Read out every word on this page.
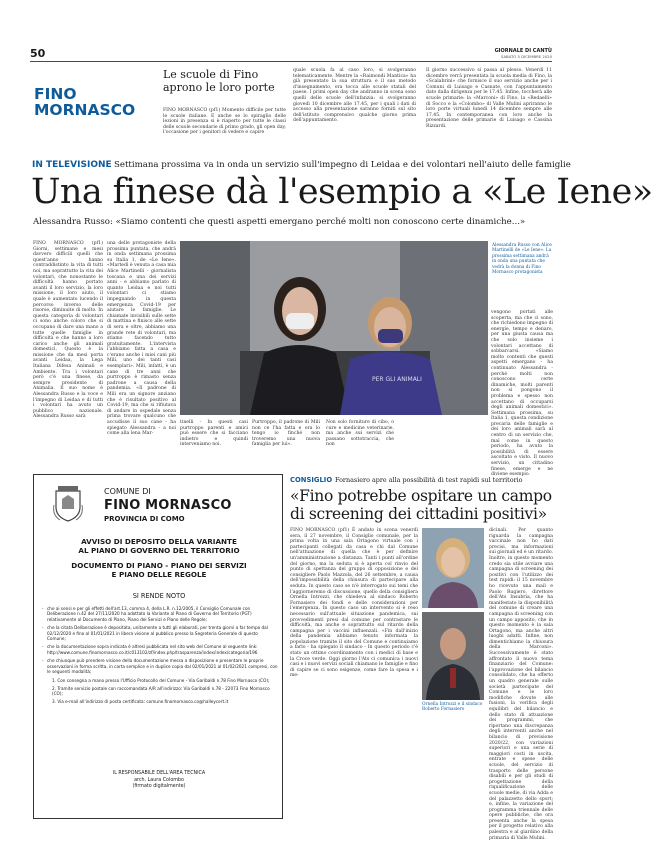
50	GIORNALE DI CANTÙ
SABATO 5 DICEMBRE 2020
FINO
MORNASCO
Le scuole di Fino
aprono le loro porte
FINO MORNASCO (pf1) Momento difficile per tutte le scuole italiane. E anche se lo spiraglio delle lezioni in presenza si è riaperto per tutte le classi delle scuole secondarie di primo grado, gli open day, l'occasione per i genitori di vedere e capire
quale scuola fa al caso loro, si svolgeranno telematicamente. Mentre la «Raimondi Mantica» ha già presentato la sua struttura e il suo metodo d'insegnamento, ora tocca alle scuole statali del paese. I primi open day che andranno in scena sono quelli delle scuole dell'infanzia: si svolgeranno giovedì 10 dicembre alle 17.45, per i quali i dati di accesso alla presentazione saranno forniti sul sito dell'istituto comprensivo qualche giorno prima dell'appuntamento.
Il giorno successivo si passa al plesso. Venerdì 11 dicembre verrà presentata la scuola media di Fino, la «Scalabrini» che fornisce il suo servizio anche per i Comuni di Luisago e Casnate, con l'appuntamento dato dalla dirigenza per le 17.45. Infine, toccherà alle scuole primarie: la «Marconi» di Fino, la «Redaelli» di Socco e la «Colombo» di Valle Mulini apriranno le loro porte virtuali lunedì 14 dicembre sempre alle 17.45. In contemporanea con loro anche la presentazione delle primarie di Luisago e Cassina Rizzardi.
IN TELEVISIONE Settimana prossima va in onda un servizio sull'impegno di Leidaa e dei volontari nell'aiuto delle famiglie
Una finese dà l'esempio a «Le Iene»
Alessandra Russo: «Siamo contenti che questi aspetti emergano perché molti non conoscono certe dinamiche...»
FINO MORNASCO (pf1) Giorni, settimane e mesi davvero difficili quelli che quest'anno hanno contraddistinto la vita di tutti noi, ma soprattutto la vita dei volontari, che nonostante le difficoltà hanno portato avanti il loro servizio, la loro missione, il loro aiuto, il quale è aumentato lucendo il percorso inverso delle risorse, diminuite di molto. In questa categoria di volontari ci sono anche coloro che si occupano di dare una mano a tutte quelle famiglie in difficoltà e che hanno a loro carico anche gli animali domestici. Questo è la missione che da mesi porta avanti Leidaa, la Lega Italiana Difesa Animali e Ambiente. Tra i volontari però c'è una finese, da sempre presidente di Animalia. Il suo nome è Alessandra Russo e la voce e l'impegno di Leidaa e di tutti i volontari ha avuto un pubblico nazionale. Alessandra Russo sarà
una delle protagoniste della prossima puntata, che andrà in onda settimana prossima su Italia 1, de «Le Iene». «Martedì è venuta a casa mia Alice Martinelli - giornalista toscana e una dei servizi anni - e abbiamo parlato di quanto Leidaa e noi tutti volontari ci stiamo impegnando in questa emergenza Covid-19 per aiutare le famiglie. Le chiamate invisibili sulle sette di mattina e finisco alle sette di sera e oltre, abbiamo una grande rete di volontari, ma stiamo facendo tutto gratuitamente. L'intervista l'abbiamo fatta a casa e c'erano anche i miei cani più Mili, uno dei tanti casi esemplari». Mili, infatti, è un cane di tre anni che purtroppo è rimasto senza padrone a causa della pandemia. «Il padrone di Mili era un signore anziano che è risultato positivo al Covid-19, ma che si rifiutava di andare in ospedale senza prima trovare qualcuno che accudisse il suo cane - ha spiegato Alessandra - a noi come alla lena Mar-
PER GLI ANIMALI
Alessandra Russo con Alice Martinelli de «Le Iene». La prossima settimana andrà in onda una puntata che vedrà la donna di Fino Mornasco protagonista
tinelli - In questi casi purtroppo parenti e amici può essere che si facciano indietro e quindi interveniamo noi.
Purtroppo, il padrone di Mili non ce l'ha fatta e ora lo tengo io finché non troveremo una nuova famiglia per lui».
Non solo forniture di cibo, o cure e medicine veterinarie, ma anche sui servizi che passano sottotraccia, che non
vengono portati alle scoperta, ma che ci sono, che richiedono impegno di energie, tempo e denaro, per una giusta causa ma che solo insieme i volontari accettano di sobbarcarsi. «Siamo molto contenti che questi aspetti emergano - ha continuato Alessandra - perché molti non conoscono certe dinamiche, molti parenti non si pongono il problema e spesso non accettano di occuparsi degli animali domestici». Settimana prossima, su Italia 1, questa condizione precaria delle famiglie e dei loro animali sarà al centro di un servizio che, mai come in questo periodo, ha avuto la possibilità di essere ascoltato e visto. Il nuovo servizio, un cittadino finese, emerge e ne diviene esempio.
COMUNE DI
FINO MORNASCO
PROVINCIA DI COMO
AVVISO DI DEPOSITO DELLA VARIANTE
AL PIANO DI GOVERNO DEL TERRITORIO
DOCUMENTO DI PIANO - PIANO DEI SERVIZI
E PIANO DELLE REGOLE
SI RENDE NOTO
- che ai sensi e per gli effetti dell'art.13, comma 4, della L.R. n.12/2005, il Consiglio Comunale con Deliberazione n.42 del 27/11/2020 ha adottato la Variante al Piano di Governo del Territorio (PGT) relativamente al Documento di Piano, Piano dei Servizi e Piano delle Regole;
- che la citata Deliberazione è depositata, unitamente a tutti gli elaborati, per trenta giorni a far tempo dal 02/12/2020 e fino al 01/01/2021 in libera visione al pubblico presso la Segreteria Generale di questo Comune;
- che la documentazione sopra indicata è altresì pubblicata nel sito web del Comune al seguente link: http://www.comune.finomornasco.co.it/c013102/zf/index.php/trasparenza/index/index/categoria/196
- che chiunque può prendere visione della documentazione messa a disposizione e presentare le proprie osservazioni in forma scritta, in carta semplice e in duplice copia dal 02/01/2021 al 01/02/2021 compresi, con le seguenti modalità;
1. Con consegna a mano presso l'Ufficio Protocollo del Comune - Via Garibaldi n.78 Fino Mornasco (CO);
2. Tramite servizio postale con raccomandata A/R all'indirizzo: Via Garibaldi n.78 - 22073 Fino Mornasco (CO);
3. Via e-mail all'indirizzo di posta certificata: comune.finomornasco.co@halleycert.it
IL RESPONSABILE DELL'AREA TECNICA
arch. Laura Colombo
(firmato digitalmente)
CONSIGLIO Fornasiero apre alla possibilità di test rapidi sul territorio
«Fino potrebbe ospitare un campo
di screening dei cittadini positivi»
FINO MORNASCO (pf1) È andato in scena venerdì sera, il 27 novembre, il Consiglio comunale, per la prima volta in una sala Ortagono virtuale con i partecipanti collegati da casa e chi dal Comune nell'attuazione di quella che è per definire un'amministrazione a distanza. Tanti i punti all'ordine del giorno, ma la seduta si è aperta col rinvio del punto di spettanza del gruppo di opposizione e del consigliere Paolo Mazzola, del 26 settembre, a causa dell'impossibilità della chiusura di partecipare alla seduta. In questo caso se n'è interrogato sui temi che l'aggiorneremo di discussione, quello della consigliera Ornella Introzzi, che chiedeva al sindaco Roberto Fornasiero dei fondi e delle considerazioni per l'emergenza. In questo caso un intervento si è reso necessario sull'attuale situazione pandemica, sui provvedimenti presi dal comune per contrastare le difficoltà, ma anche e soprattutto sul ritardo della campagna per i vaccini influenzali. «Fin dall'inizio della pandemia abbiamo tenuto informata la popolazione tramite il sito del Comune e continuiamo a farlo - ha spiegato il sindaco - In questo periodo c'è stato un ottimo coordinamento con i medici di base e la Croce verde. Oggi giorno l'Ats ci comunica i nuovi casi e i nuovi servizi sociali chiamano le famiglie e fino di capire se ci sono esigenze, come fare la spesa e i me-
Ornella Introzzi e il sindaco Roberto Fornasiero
dicinali. Per quanto riguarda la campagna vaccinale non ho dati precisi, ma informazioni sui giornali ed è un ritardo. Inoltre, in questo momento credo sia utile avviare una campagna di screening dei positivi con l'utilizzo dei test rapidi: il 15 novembre ho ricevuto una mail e Paolo Rugiero, direttore dell'Ats Insubria, che ha manifestato la disponibilità del comune di creare una campagna di screening con un campo apposito, che in questo momento è la sala Ortagono, ma anche altri luoghi adatti. Infine, non dimentichiamo la chiusura della Marconi». Successivamente è stato affrontato il nuovo tema finanziario del Comune: l'approvazione del bilancio consolidato, che ha offerto un quadro generale sulle società partecipate del Comune e le loro modifiche dovute alle fusioni, la verifica degli equilibri del bilancio e dello stato di attuazione dei programmi, che riportano una discrepanza degli interventi anche nel bilancio di previsione 2020/22, con variazioni superiori e una serie di maggiori costi in uscita, entrate e spese delle scuole, del servizio di trasporto delle persone disabili e per gli studi di progettazione della riqualificazione delle scuole medie, di via Adda e del palazzetto dello sport; e, infine, la variazione del programma triennale delle opere pubbliche, che ora presenta anche la spesa per il progetto relativo alla palestra e al giardino della primaria di Valle Mulini.
